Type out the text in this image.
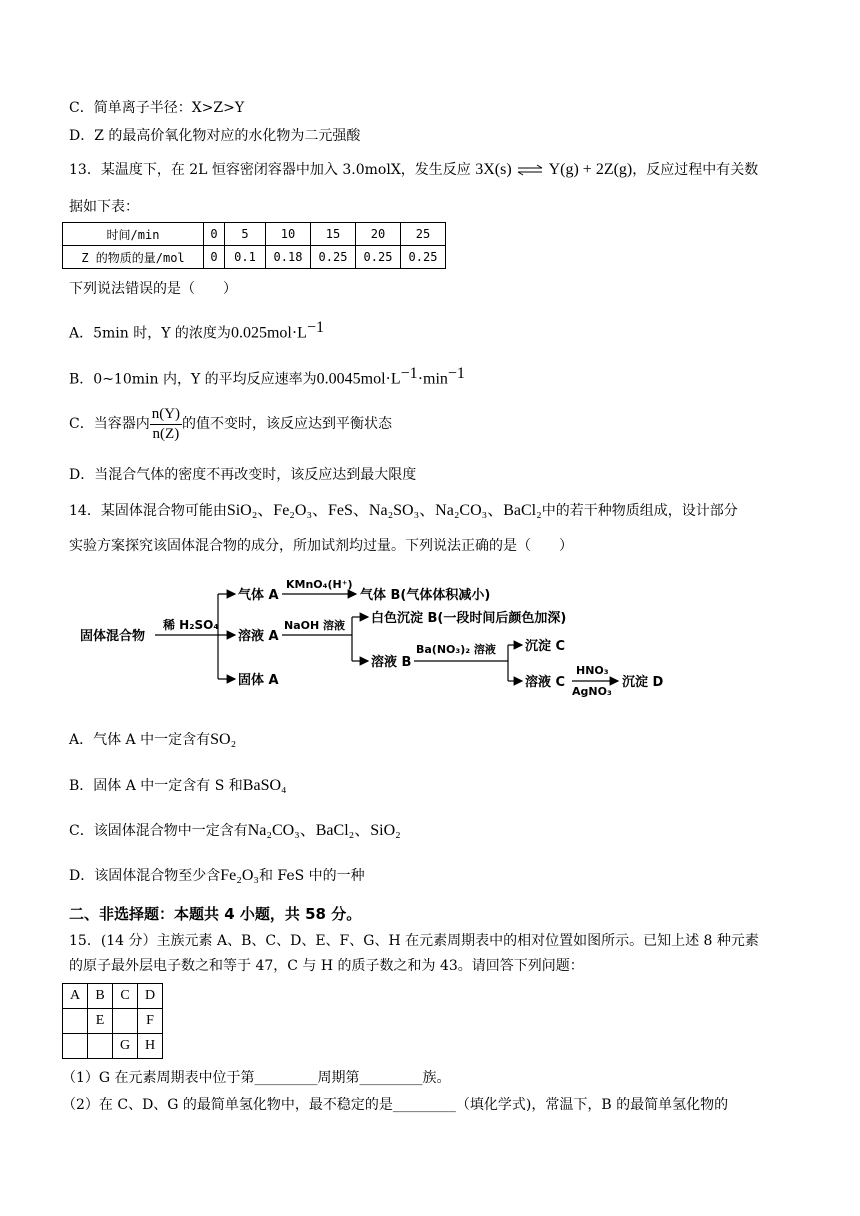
C．简单离子半径：X>Z>Y
D．Z 的最高价氧化物对应的水化物为二元强酸
13．某温度下，在 2L 恒容密闭容器中加入 3.0molX，发生反应 3X(s) ⇌ Y(g) + 2Z(g)，反应过程中有关数
据如下表：
时间/min	0	5	10	15	20	25
Z 的物质的量/mol	0	0.1	0.18	0.25	0.25	0.25
下列说法错误的是（　　）
A．5min 时，Y 的浓度为$0.025mol\cdot L^{-1}$
B．0~10min 内，Y 的平均反应速率为$0.0045mol\cdot L^{-1}\cdot\min^{-1}$
C．当容器内 $\frac{n(Y)}{n(Z)}$ 的值不变时，该反应达到平衡状态
D．当混合气体的密度不再改变时，该反应达到最大限度
14．某固体混合物可能由SiO₂、Fe₂O₃、FeS、Na₂SO₃、Na₂CO₃、BaCl₂中的若干种物质组成，设计部分
实验方案探究该固体混合物的成分，所加试剂均过量。下列说法正确的是（　　）
固体混合物
稀 H₂SO₄
气体 A
KMnO₄(H⁺)
气体 B(气体体积减小)
溶液 A
NaOH 溶液 白色沉淀 B(一段时间后颜色加深)
溶液 B
Ba(NO₃)₂ 溶液 沉淀 C
溶液 C
HNO₃
AgNO₃
沉淀 D
固体 A
A．气体 A 中一定含有SO₂
B．固体 A 中一定含有 S 和BaSO₄
C．该固体混合物中一定含有Na₂CO₃、BaCl₂、SiO₂
D．该固体混合物至少含Fe₂O₃和 FeS 中的一种
二、非选择题：本题共 4 小题，共 58 分。
15．(14 分）主族元素 A、B、C、D、E、F、G、H 在元素周期表中的相对位置如图所示。已知上述 8 种元素
的原子最外层电子数之和等于 47，C 与 H 的质子数之和为 43。请回答下列问题：
A	B	C	D
	E		F
		G	H
（1）G 在元素周期表中位于第_________周期第_________族。
（2）在 C、D、G 的最简单氢化物中，最不稳定的是_________（填化学式)，常温下，B 的最简单氢化物的
